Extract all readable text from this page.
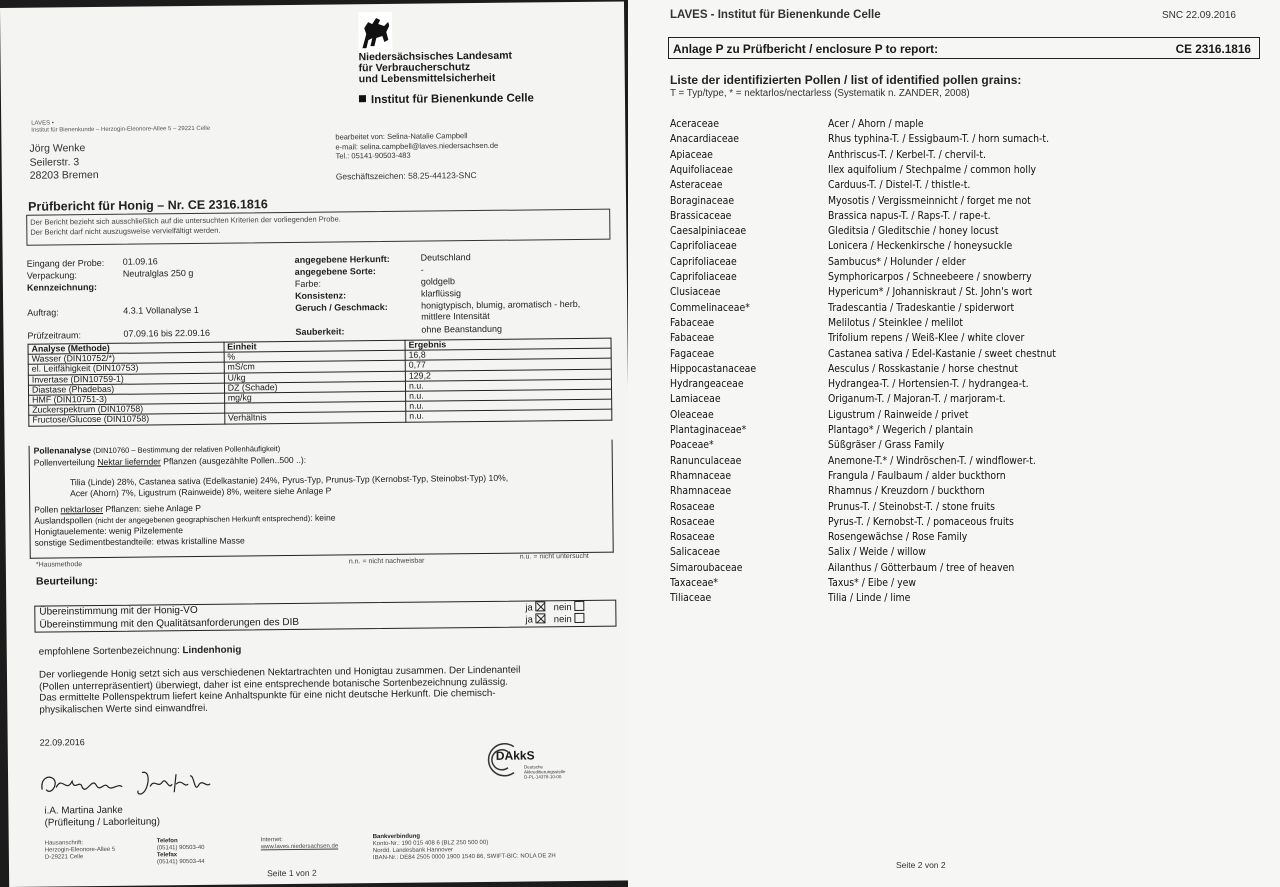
Niedersächsisches Landesamt
für Verbraucherschutz
und Lebensmittelsicherheit
Institut für Bienenkunde Celle
LAVES •
Institut für Bienenkunde – Herzogin-Eleonore-Allee 5 – 29221 Celle
Jörg Wenke
Seilerstr. 3
28203 Bremen
bearbeitet von: Selina-Natalie Campbell
e-mail: selina.campbell@laves.niedersachsen.de
Tel.: 05141-90503-483
Geschäftszeichen: 58.25-44123-SNC
Prüfbericht für Honig – Nr. CE 2316.1816
Der Bericht bezieht sich ausschließlich auf die untersuchten Kriterien der vorliegenden Probe.
Der Bericht darf nicht auszugsweise vervielfältigt werden.
Eingang der Probe: 01.09.16
Verpackung:	Neutralglas 250 g
Kennzeichnung:
Auftrag:	4.3.1 Vollanalyse 1
Prüfzeitraum:	07.09.16 bis 22.09.16
angegebene Herkunft:	Deutschland
angegebene Sorte:	-
Farbe:	goldgelb
Konsistenz:	klarflüssig
Geruch / Geschmack:	honigtypisch, blumig, aromatisch - herb,
mittlere Intensität
Sauberkeit:	ohne Beanstandung
Analyse (Methode)	Einheit	Ergebnis
Wasser (DIN10752/*)	%	16,8
el. Leitfähigkeit (DIN10753)	mS/cm	0,77
Invertase (DIN10759-1)	U/kg	129,2
Diastase (Phadebas)	DZ (Schade)	n.u.
HMF (DIN10751-3)	mg/kg	n.u.
Zuckerspektrum (DIN10758)		n.u.
Fructose/Glucose (DIN10758)	Verhältnis	n.u.
Pollenanalyse (DIN10760 – Bestimmung der relativen Pollenhäufigkeit)
Pollenverteilung Nektar liefernder Pflanzen (ausgezählte Pollen..500 ..):
Tilia (Linde) 28%, Castanea sativa (Edelkastanie) 24%, Pyrus-Typ, Prunus-Typ (Kernobst-Typ, Steinobst-Typ) 10%,
Acer (Ahorn) 7%, Ligustrum (Rainweide) 8%, weitere siehe Anlage P
Pollen nektarloser Pflanzen: siehe Anlage P
Auslandspollen (nicht der angegebenen geographischen Herkunft entsprechend): keine
Honigtauelemente: wenig Pilzelemente
sonstige Sedimentbestandteile: etwas kristalline Masse
*Hausmethode	n.n. = nicht nachweisbar
n.u. = nicht untersucht
Beurteilung:
Übereinstimmung mit der Honig-VO
Übereinstimmung mit den Qualitätsanforderungen des DIB
ja nein
ja nein
empfohlene Sortenbezeichnung: Lindenhonig
Der vorliegende Honig setzt sich aus verschiedenen Nektartrachten und Honigtau zusammen. Der Lindenanteil
(Pollen unterrepräsentiert) überwiegt, daher ist eine entsprechende botanische Sortenbezeichnung zulässig.
Das ermittelte Pollenspektrum liefert keine Anhaltspunkte für eine nicht deutsche Herkunft. Die chemisch-
physikalischen Werte sind einwandfrei.
22.09.2016
i.A. Martina Janke
(Prüfleitung / Laborleitung)
DAkkS
Deutsche
Akkreditierungsstelle
D-PL-14378-10-00
Hausanschrift:
Herzogin-Eleonore-Allee 5
D-29221 Celle
Telefon
(05141) 90503-40
Telefax
(05141) 90503-44
Internet:
www.laves.niedersachsen.de
Bankverbindung
Konto-Nr.: 190 015 408 6 (BLZ 250 500 00)
Nordd. Landesbank Hannover
IBAN-Nr.: DE84 2505 0000 1900 1540 86, SWIFT-BIC: NOLA DE 2H
Seite 1 von 2
LAVES - Institut für Bienenkunde Celle	SNC 22.09.2016
Anlage P zu Prüfbericht / enclosure P to report:	CE 2316.1816
Liste der identifizierten Pollen / list of identified pollen grains:
T = Typ/type, * = nektarlos/nectarless (Systematik n. ZANDER, 2008)
Aceraceae	Acer / Ahorn / maple
Anacardiaceae	Rhus typhina-T. / Essigbaum-T. / horn sumach-t.
Apiaceae	Anthriscus-T. / Kerbel-T. / chervil-t.
Aquifoliaceae	Ilex aquifolium / Stechpalme / common holly
Asteraceae	Carduus-T. / Distel-T. / thistle-t.
Boraginaceae	Myosotis / Vergissmeinnicht / forget me not
Brassicaceae	Brassica napus-T. / Raps-T. / rape-t.
Caesalpiniaceae	Gleditsia / Gleditschie / honey locust
Caprifoliaceae	Lonicera / Heckenkirsche / honeysuckle
Caprifoliaceae	Sambucus* / Holunder / elder
Caprifoliaceae	Symphoricarpos / Schneebeere / snowberry
Clusiaceae	Hypericum* / Johanniskraut / St. John's wort
Commelinaceae*	Tradescantia / Tradeskantie / spiderwort
Fabaceae	Melilotus / Steinklee / melilot
Fabaceae	Trifolium repens / Weiß-Klee / white clover
Fagaceae	Castanea sativa / Edel-Kastanie / sweet chestnut
Hippocastanaceae	Aesculus / Rosskastanie / horse chestnut
Hydrangeaceae	Hydrangea-T. / Hortensien-T. / hydrangea-t.
Lamiaceae	Origanum-T. / Majoran-T. / marjoram-t.
Oleaceae	Ligustrum / Rainweide / privet
Plantaginaceae*	Plantago* / Wegerich / plantain
Poaceae*	Süßgräser / Grass Family
Ranunculaceae	Anemone-T.* / Windröschen-T. / windflower-t.
Rhamnaceae	Frangula / Faulbaum / alder buckthorn
Rhamnaceae	Rhamnus / Kreuzdorn / buckthorn
Rosaceae	Prunus-T. / Steinobst-T. / stone fruits
Rosaceae	Pyrus-T. / Kernobst-T. / pomaceous fruits
Rosaceae	Rosengewächse / Rose Family
Salicaceae	Salix / Weide / willow
Simaroubaceae	Ailanthus / Götterbaum / tree of heaven
Taxaceae*	Taxus* / Eibe / yew
Tiliaceae	Tilia / Linde / lime
Seite 2 von 2
